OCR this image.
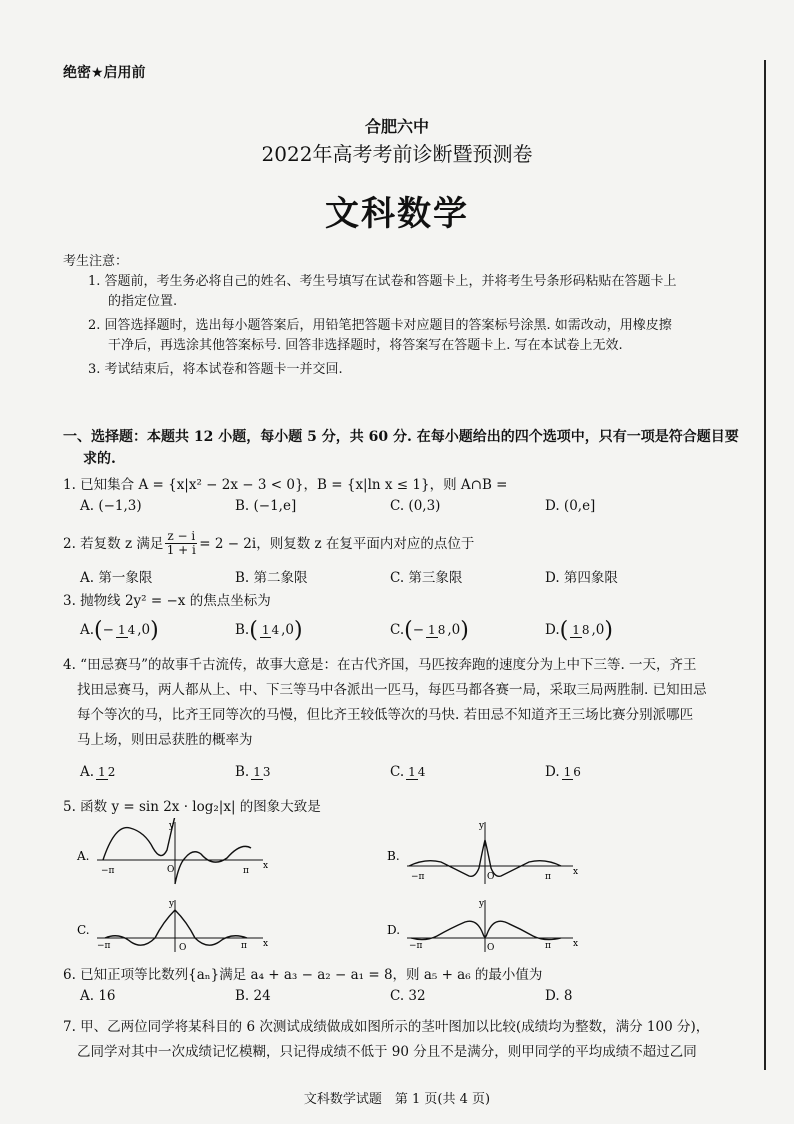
绝密★启用前
合肥六中
2022年高考考前诊断暨预测卷
文科数学
考生注意：
1. 答题前，考生务必将自己的姓名、考生号填写在试卷和答题卡上，并将考生号条形码粘贴在答题卡上
的指定位置.
2. 回答选择题时，选出每小题答案后，用铅笔把答题卡对应题目的答案标号涂黑. 如需改动，用橡皮擦
干净后，再选涂其他答案标号. 回答非选择题时，将答案写在答题卡上. 写在本试卷上无效.
3. 考试结束后，将本试卷和答题卡一并交回.
一、选择题：本题共 12 小题，每小题 5 分，共 60 分. 在每小题给出的四个选项中，只有一项是符合题目要
求的.
1. 已知集合 A = {x|x² − 2x − 3 < 0}，B = {x|ln x ≤ 1}，则 A∩B =
A. (−1,3)	B. (−1,e]	C. (0,3)	D. (0,e]
2. 若复数 z 满足 $\frac{z - i}{1 + i} = 2 - 2i$，则复数 z 在复平面内对应的点位于
A. 第一象限	B. 第二象限	C. 第三象限	D. 第四象限
3. 抛物线 2y² = −x 的焦点坐标为
A.(− 1 4 ,0)	B.( 1 4 ,0)	C.(− 1 8 ,0)	D.( 1 8 ,0)
4. “田忌赛马”的故事千古流传，故事大意是：在古代齐国，马匹按奔跑的速度分为上中下三等. 一天，齐王
找田忌赛马，两人都从上、中、下三等马中各派出一匹马，每匹马都各赛一局，采取三局两胜制. 已知田忌
每个等次的马，比齐王同等次的马慢，但比齐王较低等次的马快. 若田忌不知道齐王三场比赛分别派哪匹
马上场，则田忌获胜的概率为
A. 1 2	B. 1 3	C. 1 4	D. 1 6
5. 函数 y = sin 2x · log₂|x| 的图象大致是
A.
−π	π
O	x
y
B.
−π	π
O	x
y
C.
−π	π
O	x
y
D.
−π	π
O	x
y
6. 已知正项等比数列{aₙ}满足 a₄ + a₃ − a₂ − a₁ = 8，则 a₅ + a₆ 的最小值为
A. 16	B. 24	C. 32	D. 8
7. 甲、乙两位同学将某科目的 6 次测试成绩做成如图所示的茎叶图加以比较(成绩均为整数，满分 100 分)，
乙同学对其中一次成绩记忆模糊，只记得成绩不低于 90 分且不是满分，则甲同学的平均成绩不超过乙同
文科数学试题　第 1 页(共 4 页)
